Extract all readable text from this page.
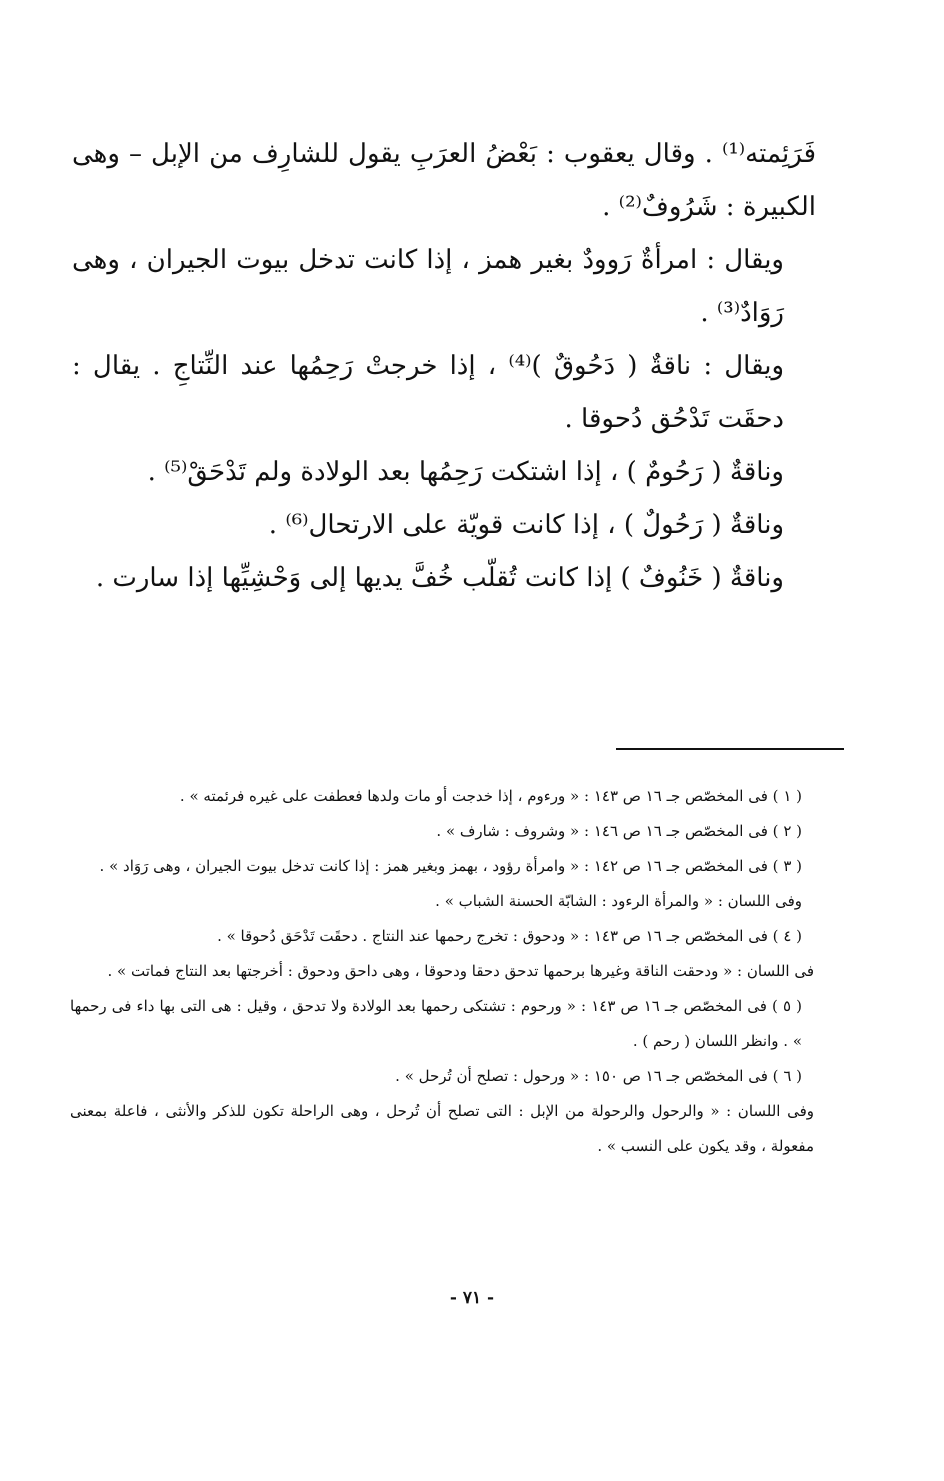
فَرَئِمته⁽¹⁾ . وقال يعقوب : بَعْضُ العرَبِ يقول للشارِف من الإبل – وهى الكبيرة : شَرُوفٌ⁽²⁾ .

ويقال : امرأةٌ رَوودٌ بغير همز ، إذا كانت تدخل بيوت الجيران ، وهى رَوَادٌ⁽³⁾ .

ويقال : ناقةٌ ( دَحُوقٌ )⁽⁴⁾ ، إذا خرجتْ رَحِمُها عند النِّتاجِ . يقال : دحقَت تَدْحُق دُحوقا .

وناقةٌ ( رَحُومٌ ) ، إذا اشتكت رَحِمُها بعد الولادة ولم تَدْحَقْ⁽⁵⁾ .

وناقةٌ ( رَحُولٌ ) ، إذا كانت قويّة على الارتحال⁽⁶⁾ .

وناقةٌ ( خَنُوفٌ ) إذا كانت تُقلّب خُفَّ يديها إلى وَحْشِيِّها إذا سارت .

( ١ ) فى المخصّص جـ ١٦ ص ١٤٣ : « ورءوم ، إذا خدجت أو مات ولدها فعطفت على غيره فرئمته » .

( ٢ ) فى المخصّص جـ ١٦ ص ١٤٦ : « وشروف : شارف » .

( ٣ ) فى المخصّص جـ ١٦ ص ١٤٢ : « وامرأة رؤود ، بهمز وبغير همز : إذا كانت تدخل بيوت الجيران ، وهى رَوَاد » .

وفى اللسان : « والمرأة الرءود : الشابّة الحسنة الشباب » .

( ٤ ) فى المخصّص جـ ١٦ ص ١٤٣ : « ودحوق : تخرج رحمها عند النتاج . دحقَت تَدْحَق دُحوقا » .

فى اللسان : « ودحقت الناقة وغيرها برحمها تدحق دحقا ودحوقا ، وهى داحق ودحوق : أخرجتها بعد النتاج فماتت » .

( ٥ ) فى المخصّص جـ ١٦ ص ١٤٣ : « ورحوم : تشتكى رحمها بعد الولادة ولا تدحق ، وقيل : هى التى بها داء فى رحمها » . وانظر اللسان ( رحم ) .

( ٦ ) فى المخصّص جـ ١٦ ص ١٥٠ : « ورحول : تصلح أن تُرحل » .

وفى اللسان : « والرحول والرحولة من الإبل : التى تصلح أن تُرحل ، وهى الراحلة تكون للذكر والأنثى ، فاعلة بمعنى مفعولة ، وقد يكون على النسب » .

- ٧١ -
